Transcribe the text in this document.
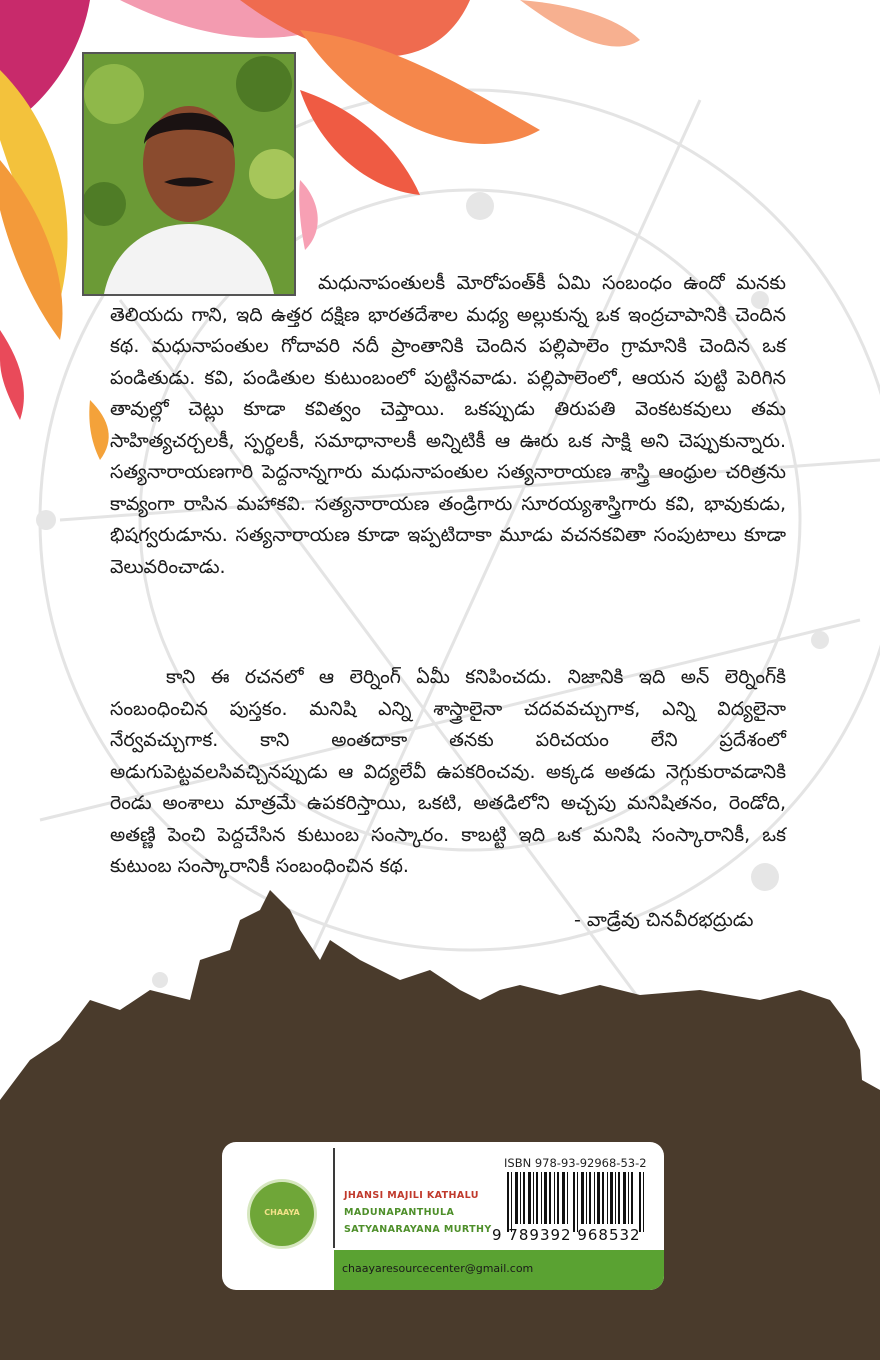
మధునాపంతులకీ మోరోపంత్‌కీ ఏమి సంబంధం ఉందో మనకు తెలియదు గాని, ఇది ఉత్తర దక్షిణ భారతదేశాల మధ్య అల్లుకున్న ఒక ఇంద్రచాపానికి చెందిన కథ. మధునాపంతుల గోదావరి నదీ ప్రాంతానికి చెందిన పల్లిపాలెం గ్రామానికి చెందిన ఒక పండితుడు. కవి, పండితుల కుటుంబంలో పుట్టినవాడు. పల్లిపాలెంలో, ఆయన పుట్టి పెరిగిన తావుల్లో చెట్లు కూడా కవిత్వం చెప్తాయి. ఒకప్పుడు తిరుపతి వెంకటకవులు తమ సాహిత్యచర్చలకీ, స్పర్థలకీ, సమాధానాలకీ అన్నిటికీ ఆ ఊరు ఒక సాక్షి అని చెప్పుకున్నారు. సత్యనారాయణగారి పెద్దనాన్నగారు మధునాపంతుల సత్యనారాయణ శాస్త్రి ఆంధ్రుల చరిత్రను కావ్యంగా రాసిన మహాకవి. సత్యనారాయణ తండ్రిగారు సూరయ్యశాస్త్రిగారు కవి, భావుకుడు, భిషగ్వరుడూను. సత్యనారాయణ కూడా ఇప్పటిదాకా మూడు వచనకవితా సంపుటాలు కూడా వెలువరించాడు.
కాని ఈ రచనలో ఆ లెర్నింగ్ ఏమీ కనిపించదు. నిజానికి ఇది అన్ లెర్నింగ్‌కి సంబంధించిన పుస్తకం. మనిషి ఎన్ని శాస్త్రాలైనా చదవవచ్చుగాక, ఎన్ని విద్యలైనా నేర్వవచ్చుగాక. కాని అంతదాకా తనకు పరిచయం లేని ప్రదేశంలో అడుగుపెట్టవలసివచ్చినప్పుడు ఆ విద్యలేవీ ఉపకరించవు. అక్కడ అతడు నెగ్గుకురావడానికి రెండు అంశాలు మాత్రమే ఉపకరిస్తాయి, ఒకటి, అతడిలోని అచ్చపు మనిషితనం, రెండోది, అతణ్ణి పెంచి పెద్దచేసిన కుటుంబ సంస్కారం. కాబట్టి ఇది ఒక మనిషి సంస్కారానికీ, ఒక కుటుంబ సంస్కారానికీ సంబంధించిన కథ.
- వాడ్రేవు చినవీరభద్రుడు
CHAAYA
JHANSI MAJILI KATHALU
MADUNAPANTHULA
SATYANARAYANA MURTHY
ISBN 978-93-92968-53-2
9 789392 968532
chaayaresourcecenter@gmail.com
